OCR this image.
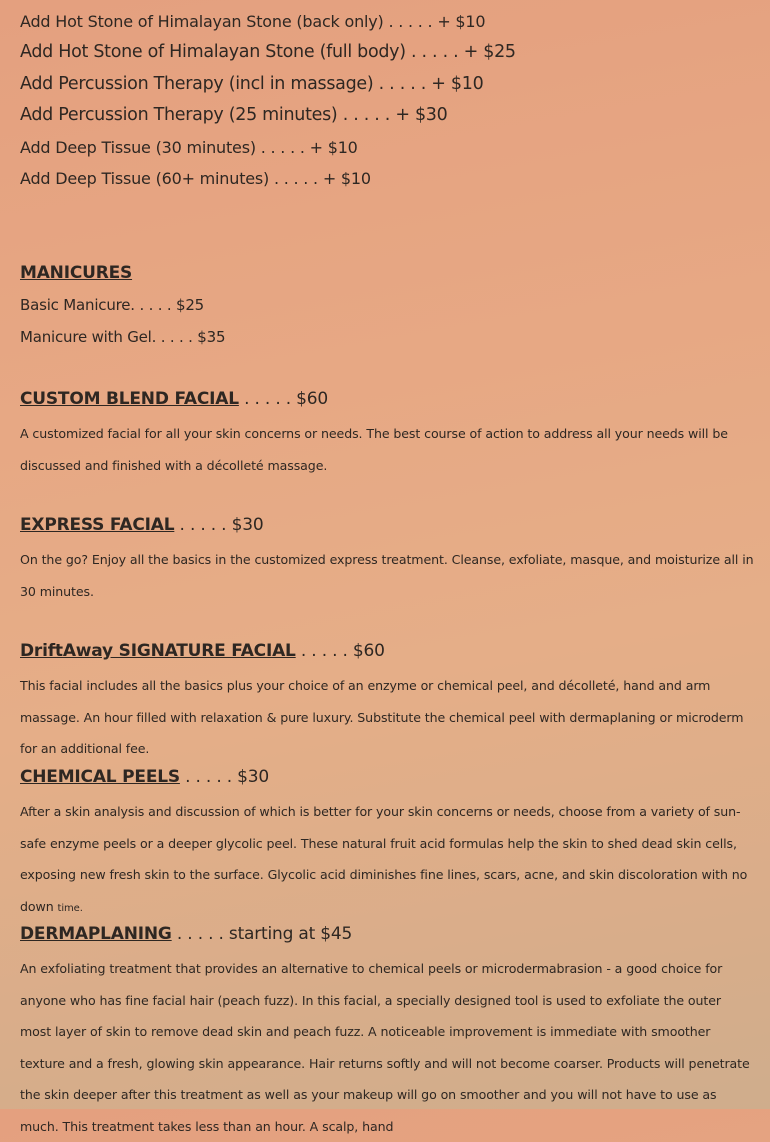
Add Hot Stone of Himalayan Stone (back only) . . . . . + $10

Add Hot Stone of Himalayan Stone (full body) . . . . . + $25

Add Percussion Therapy (incl in massage) . . . . . + $10

Add Percussion Therapy (25 minutes) . . . . . + $30

Add Deep Tissue (30 minutes) . . . . . + $10

Add Deep Tissue (60+ minutes) . . . . . + $10

MANICURES

Basic Manicure. . . . . $25

Manicure with Gel. . . . . $35

CUSTOM BLEND FACIAL . . . . . $60

A customized facial for all your skin concerns or needs. The best course of action to address all your needs will be discussed and finished with a décolleté massage.

EXPRESS FACIAL . . . . . $30

On the go? Enjoy all the basics in the customized express treatment. Cleanse, exfoliate, masque, and moisturize all in 30 minutes.

DriftAway SIGNATURE FACIAL . . . . . $60

This facial includes all the basics plus your choice of an enzyme or chemical peel, and décolleté, hand and arm massage. An hour filled with relaxation & pure luxury. Substitute the chemical peel with dermaplaning or microderm for an additional fee.

CHEMICAL PEELS . . . . . $30

After a skin analysis and discussion of which is better for your skin concerns or needs, choose from a variety of sun-safe enzyme peels or a deeper glycolic peel. These natural fruit acid formulas help the skin to shed dead skin cells, exposing new fresh skin to the surface. Glycolic acid diminishes fine lines, scars, acne, and skin discoloration with no down time.

DERMAPLANING . . . . . starting at $45

An exfoliating treatment that provides an alternative to chemical peels or microdermabrasion - a good choice for anyone who has fine facial hair (peach fuzz). In this facial, a specially designed tool is used to exfoliate the outer most layer of skin to remove dead skin and peach fuzz. A noticeable improvement is immediate with smoother texture and a fresh, glowing skin appearance. Hair returns softly and will not become coarser. Products will penetrate the skin deeper after this treatment as well as your makeup will go on smoother and you will not have to use as much. This treatment takes less than an hour. A scalp, hand
